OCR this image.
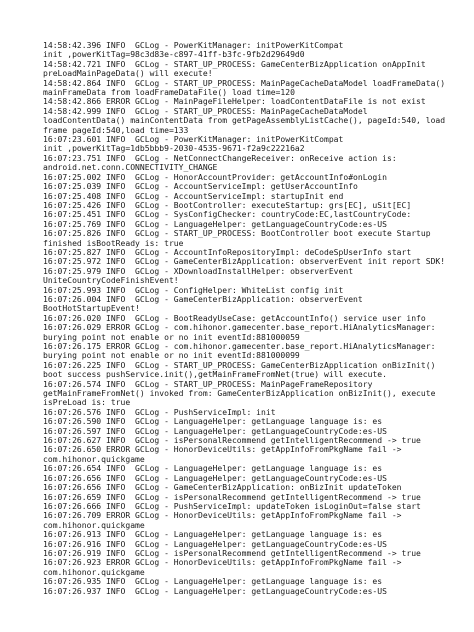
14:58:42.396 INFO  GCLog - PowerKitManager: initPowerKitCompat
init ,powerKitTag=98c3d83e-c897-41ff-b3fc-9fb2d29649d0
14:58:42.721 INFO  GCLog - START_UP_PROCESS: GameCenterBizApplication onAppInit
preLoadMainPageData() will execute!
14:58:42.864 INFO  GCLog - START_UP_PROCESS: MainPageCacheDataModel loadFrameData()
mainFrameData from loadFrameDataFile() load time=120
14:58:42.866 ERROR GCLog - MainPageFileHelper: loadContentDataFile is not exist
14:58:42.999 INFO  GCLog - START_UP_PROCESS: MainPageCacheDataModel
loadContentData() mainContentData from getPageAssemblyListCache(), pageId:540, load
frame pageId:540,load time=133
16:07:23.601 INFO  GCLog - PowerKitManager: initPowerKitCompat
init ,powerKitTag=1db5bbb9-2030-4535-9671-f2a9c22216a2
16:07:23.751 INFO  GCLog - NetConnectChangeReceiver: onReceive action is:
android.net.conn.CONNECTIVITY_CHANGE
16:07:25.002 INFO  GCLog - HonorAccountProvider: getAccountInfo#onLogin
16:07:25.039 INFO  GCLog - AccountServiceImpl: getUserAccountInfo
16:07:25.408 INFO  GCLog - AccountServiceImpl: startupInit end
16:07:25.426 INFO  GCLog - BootController: executeStartup: grs[EC], uSit[EC]
16:07:25.451 INFO  GCLog - SysConfigChecker: countryCode:EC,lastCountryCode:
16:07:25.769 INFO  GCLog - LanguageHelper: getLanguageCountryCode:es-US
16:07:25.826 INFO  GCLog - START_UP_PROCESS: BootController boot execute Startup
finished isBootReady is: true
16:07:25.827 INFO  GCLog - AccountInfoRepositoryImpl: deCodeSpUserInfo start
16:07:25.972 INFO  GCLog - GameCenterBizApplication: observerEvent init report SDK!
16:07:25.979 INFO  GCLog - XDownloadInstallHelper: observerEvent
UniteCountryCodeFinishEvent!
16:07:25.993 INFO  GCLog - ConfigHelper: WhiteList config init
16:07:26.004 INFO  GCLog - GameCenterBizApplication: observerEvent
BootHotStartupEvent!
16:07:26.020 INFO  GCLog - BootReadyUseCase: getAccountInfo() service user info
16:07:26.029 ERROR GCLog - com.hihonor.gamecenter.base_report.HiAnalyticsManager:
burying point not enable or no init eventId:881000059
16:07:26.175 ERROR GCLog - com.hihonor.gamecenter.base_report.HiAnalyticsManager:
burying point not enable or no init eventId:881000099
16:07:26.225 INFO  GCLog - START_UP_PROCESS: GameCenterBizApplication onBizInit()
boot success pushService.init(),getMainFrameFromNet(true) will execute.
16:07:26.574 INFO  GCLog - START_UP_PROCESS: MainPageFrameRepository
getMainFrameFromNet() invoked from: GameCenterBizApplication onBizInit(), execute
isPreLoad is: true
16:07:26.576 INFO  GCLog - PushServiceImpl: init
16:07:26.590 INFO  GCLog - LanguageHelper: getLanguage language is: es
16:07:26.597 INFO  GCLog - LanguageHelper: getLanguageCountryCode:es-US
16:07:26.627 INFO  GCLog - isPersonalRecommend getIntelligentRecommend -> true
16:07:26.650 ERROR GCLog - HonorDeviceUtils: getAppInfoFromPkgName fail ->
com.hihonor.quickgame
16:07:26.654 INFO  GCLog - LanguageHelper: getLanguage language is: es
16:07:26.656 INFO  GCLog - LanguageHelper: getLanguageCountryCode:es-US
16:07:26.656 INFO  GCLog - GameCenterBizApplication: onBizInit updateToken
16:07:26.659 INFO  GCLog - isPersonalRecommend getIntelligentRecommend -> true
16:07:26.666 INFO  GCLog - PushServiceImpl: updateToken isLoginOut=false start
16:07:26.709 ERROR GCLog - HonorDeviceUtils: getAppInfoFromPkgName fail ->
com.hihonor.quickgame
16:07:26.913 INFO  GCLog - LanguageHelper: getLanguage language is: es
16:07:26.916 INFO  GCLog - LanguageHelper: getLanguageCountryCode:es-US
16:07:26.919 INFO  GCLog - isPersonalRecommend getIntelligentRecommend -> true
16:07:26.923 ERROR GCLog - HonorDeviceUtils: getAppInfoFromPkgName fail ->
com.hihonor.quickgame
16:07:26.935 INFO  GCLog - LanguageHelper: getLanguage language is: es
16:07:26.937 INFO  GCLog - LanguageHelper: getLanguageCountryCode:es-US
